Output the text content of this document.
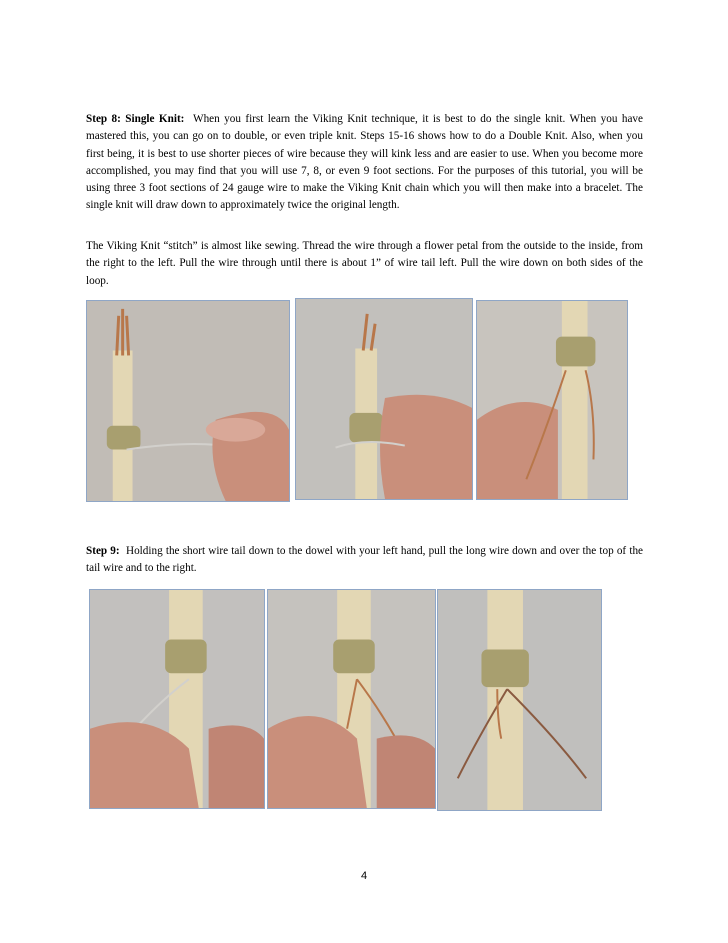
Step 8: Single Knit: When you first learn the Viking Knit technique, it is best to do the single knit. When you have mastered this, you can go on to double, or even triple knit. Steps 15-16 shows how to do a Double Knit. Also, when you first being, it is best to use shorter pieces of wire because they will kink less and are easier to use. When you become more accomplished, you may find that you will use 7, 8, or even 9 foot sections. For the purposes of this tutorial, you will be using three 3 foot sections of 24 gauge wire to make the Viking Knit chain which you will then make into a bracelet. The single knit will draw down to approximately twice the original length.

The Viking Knit “stitch” is almost like sewing. Thread the wire through a flower petal from the outside to the inside, from the right to the left. Pull the wire through until there is about 1” of wire tail left. Pull the wire down on both sides of the loop.

Step 9: Holding the short wire tail down to the dowel with your left hand, pull the long wire down and over the top of the tail wire and to the right.

4
